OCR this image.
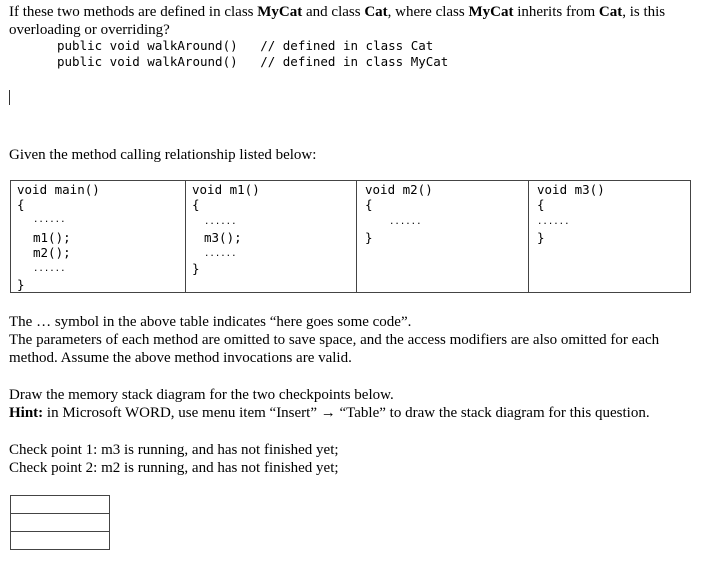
If these two methods are defined in class MyCat and class Cat, where class MyCat inherits from Cat, is this
overloading or overriding?
public void walkAround()   // defined in class Cat
public void walkAround()   // defined in class MyCat
Given the method calling relationship listed below:
void main()
{
......
m1();
m2();
......
}

void m1()
{
......
m3();
......
}

void m2()
{
......
}

void m3()
{
......
}
The … symbol in the above table indicates “here goes some code”.
The parameters of each method are omitted to save space, and the access modifiers are also omitted for each
method. Assume the above method invocations are valid.
Draw the memory stack diagram for the two checkpoints below.
Hint: in Microsoft WORD, use menu item “Insert” → “Table” to draw the stack diagram for this question.
Check point 1: m3 is running, and has not finished yet;
Check point 2: m2 is running, and has not finished yet;
